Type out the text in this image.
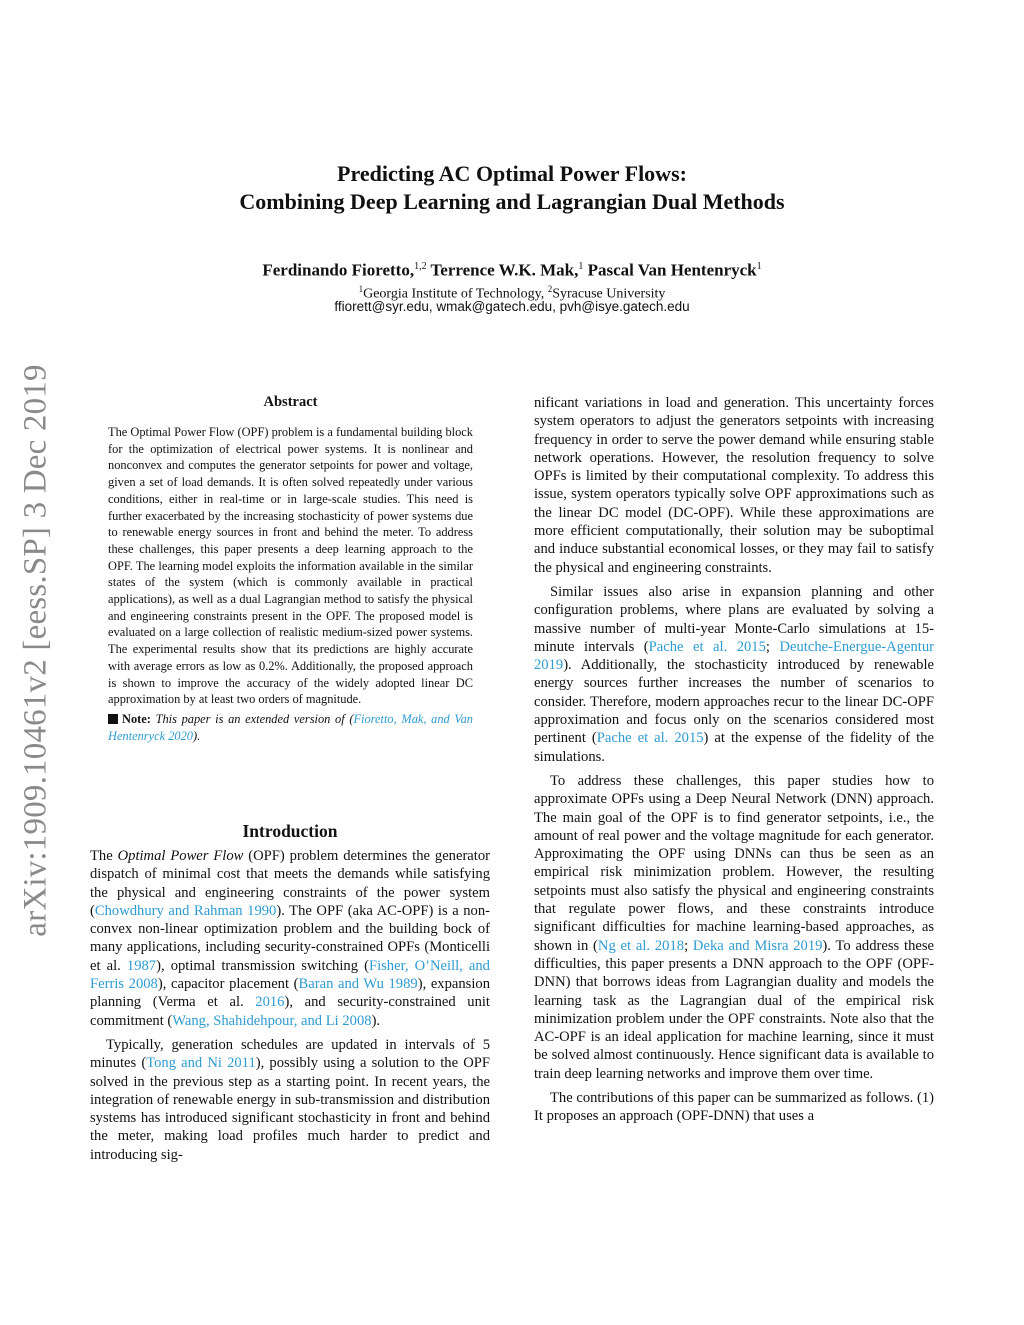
arXiv:1909.10461v2 [eess.SP] 3 Dec 2019
Predicting AC Optimal Power Flows:
Combining Deep Learning and Lagrangian Dual Methods
Ferdinando Fioretto,$^{1,2}$ Terrence W.K. Mak,$^1$ Pascal Van Hentenryck$^1$
$^1$Georgia Institute of Technology, $^2$Syracuse University
ffiorett@syr.edu, wmak@gatech.edu, pvh@isye.gatech.edu
Abstract

The Optimal Power Flow (OPF) problem is a fundamental building block for the optimization of electrical power systems. It is nonlinear and nonconvex and computes the generator setpoints for power and voltage, given a set of load demands. It is often solved repeatedly under various conditions, either in real-time or in large-scale studies. This need is further exacerbated by the increasing stochasticity of power systems due to renewable energy sources in front and behind the meter. To address these challenges, this paper presents a deep learning approach to the OPF. The learning model exploits the information available in the similar states of the system (which is commonly available in practical applications), as well as a dual Lagrangian method to satisfy the physical and engineering constraints present in the OPF. The proposed model is evaluated on a large collection of realistic medium-sized power systems. The experimental results show that its predictions are highly accurate with average errors as low as 0.2%. Additionally, the proposed approach is shown to improve the accuracy of the widely adopted linear DC approximation by at least two orders of magnitude.

Note: This paper is an extended version of (Fioretto, Mak, and Van Hentenryck 2020).

Introduction

The Optimal Power Flow (OPF) problem determines the generator dispatch of minimal cost that meets the demands while satisfying the physical and engineering constraints of the power system (Chowdhury and Rahman 1990). The OPF (aka AC-OPF) is a non-convex non-linear optimization problem and the building bock of many applications, including security-constrained OPFs (Monticelli et al. 1987), optimal transmission switching (Fisher, O’Neill, and Ferris 2008), capacitor placement (Baran and Wu 1989), expansion planning (Verma et al. 2016), and security-constrained unit commitment (Wang, Shahidehpour, and Li 2008).

Typically, generation schedules are updated in intervals of 5 minutes (Tong and Ni 2011), possibly using a solution to the OPF solved in the previous step as a starting point. In recent years, the integration of renewable energy in sub-transmission and distribution systems has introduced significant stochasticity in front and behind the meter, making load profiles much harder to predict and introducing sig-

nificant variations in load and generation. This uncertainty forces system operators to adjust the generators setpoints with increasing frequency in order to serve the power demand while ensuring stable network operations. However, the resolution frequency to solve OPFs is limited by their computational complexity. To address this issue, system operators typically solve OPF approximations such as the linear DC model (DC-OPF). While these approximations are more efficient computationally, their solution may be suboptimal and induce substantial economical losses, or they may fail to satisfy the physical and engineering constraints.

Similar issues also arise in expansion planning and other configuration problems, where plans are evaluated by solving a massive number of multi-year Monte-Carlo simulations at 15-minute intervals (Pache et al. 2015; Deutche-Energue-Agentur 2019). Additionally, the stochasticity introduced by renewable energy sources further increases the number of scenarios to consider. Therefore, modern approaches recur to the linear DC-OPF approximation and focus only on the scenarios considered most pertinent (Pache et al. 2015) at the expense of the fidelity of the simulations.

To address these challenges, this paper studies how to approximate OPFs using a Deep Neural Network (DNN) approach. The main goal of the OPF is to find generator setpoints, i.e., the amount of real power and the voltage magnitude for each generator. Approximating the OPF using DNNs can thus be seen as an empirical risk minimization problem. However, the resulting setpoints must also satisfy the physical and engineering constraints that regulate power flows, and these constraints introduce significant difficulties for machine learning-based approaches, as shown in (Ng et al. 2018; Deka and Misra 2019). To address these difficulties, this paper presents a DNN approach to the OPF (OPF-DNN) that borrows ideas from Lagrangian duality and models the learning task as the Lagrangian dual of the empirical risk minimization problem under the OPF constraints. Note also that the AC-OPF is an ideal application for machine learning, since it must be solved almost continuously. Hence significant data is available to train deep learning networks and improve them over time.

The contributions of this paper can be summarized as follows. (1) It proposes an approach (OPF-DNN) that uses a
